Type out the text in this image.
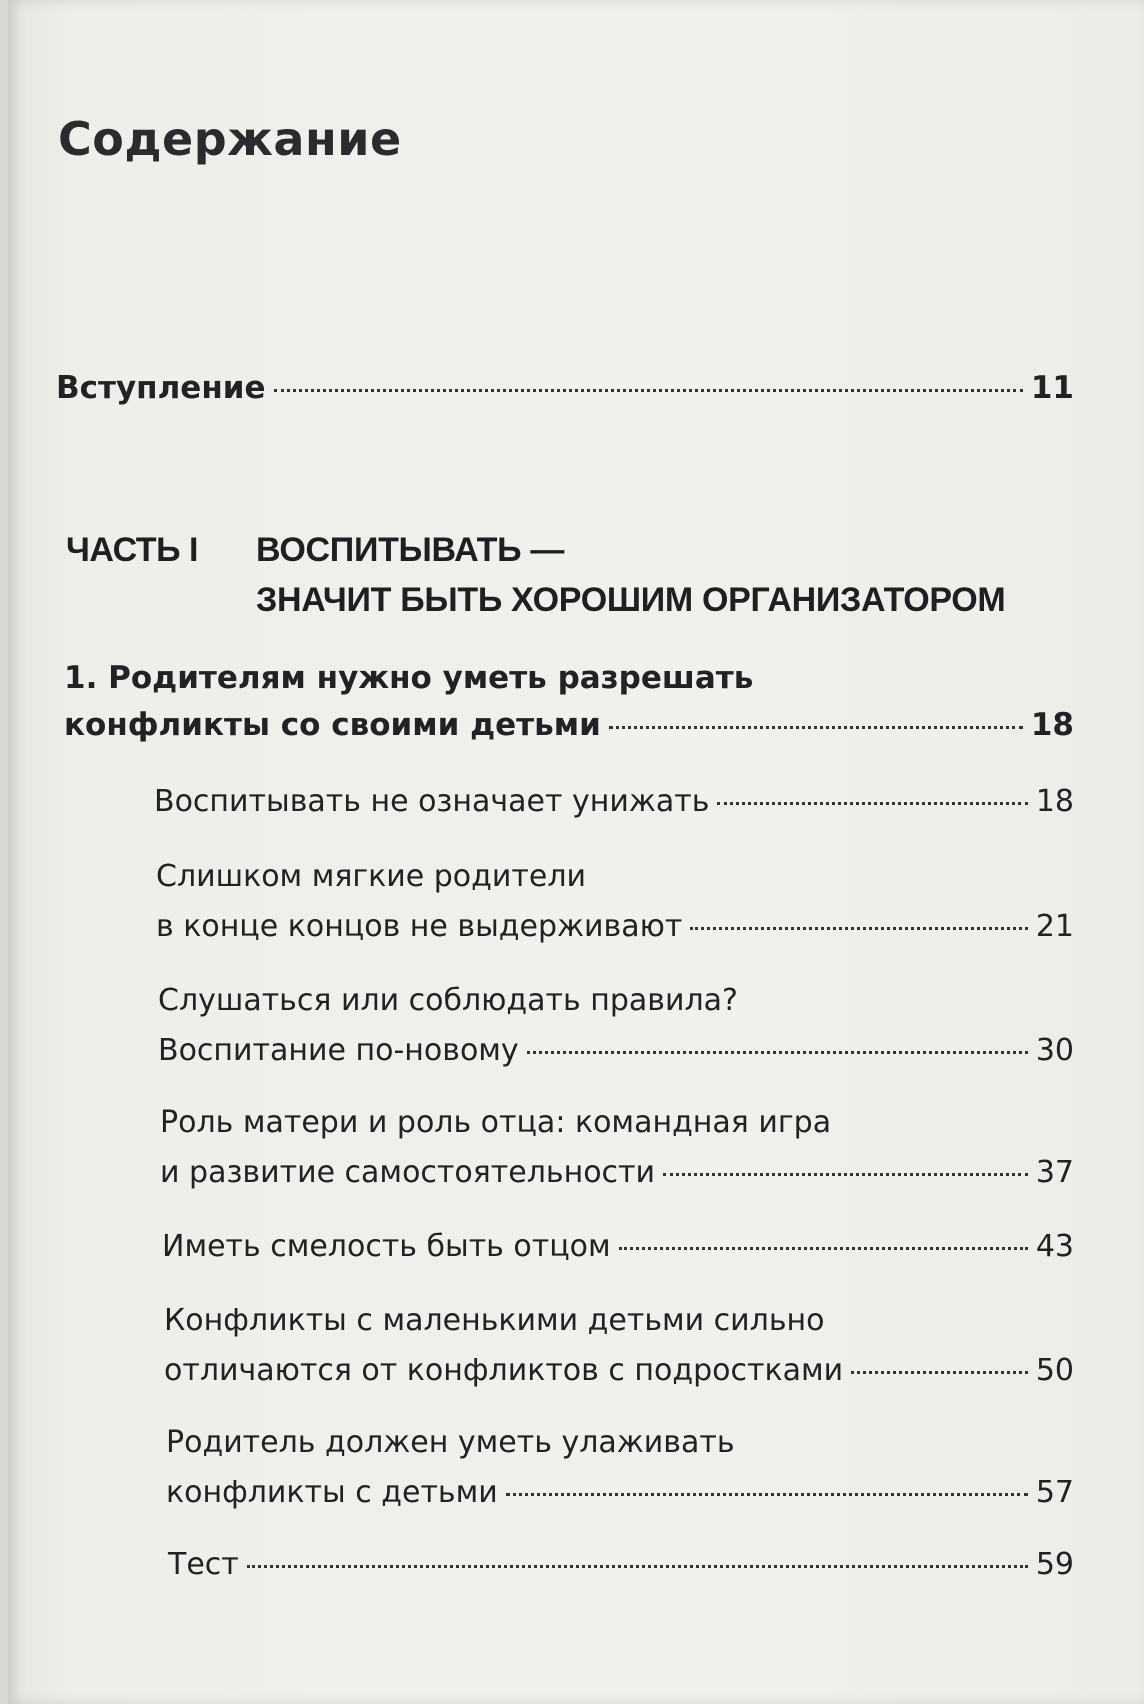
Содержание
Вступление	11
ЧАСТЬ I	ВОСПИТЫВАТЬ —
ЗНАЧИТ БЫТЬ ХОРОШИМ ОРГАНИЗАТОРОМ
1. Родителям нужно уметь разрешать
конфликты со своими детьми	18
Воспитывать не означает унижать	18
Слишком мягкие родители
в конце концов не выдерживают	21
Слушаться или соблюдать правила?
Воспитание по-новому	30
Роль матери и роль отца: командная игра
и развитие самостоятельности	37
Иметь смелость быть отцом	43
Конфликты с маленькими детьми сильно
отличаются от конфликтов с подростками	50
Родитель должен уметь улаживать
конфликты с детьми	57
Тест	59
